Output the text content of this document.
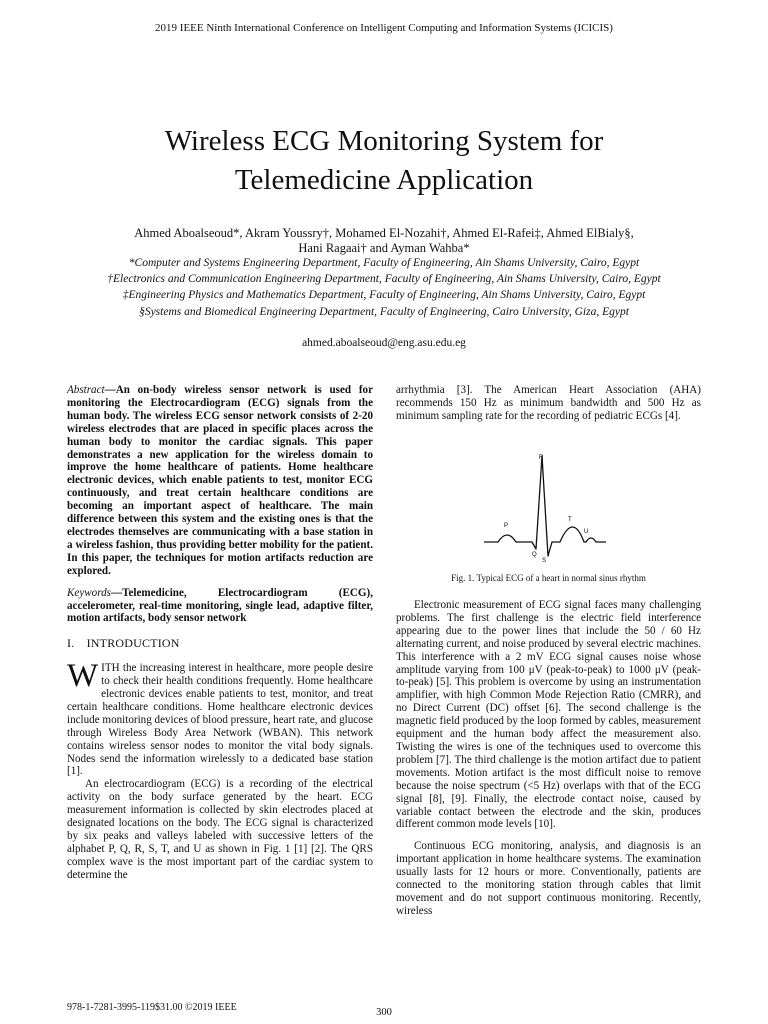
2019 IEEE Ninth International Conference on Intelligent Computing and Information Systems (ICICIS)
Wireless ECG Monitoring System for
Telemedicine Application
Ahmed Aboalseoud*, Akram Youssry†, Mohamed El-Nozahi†, Ahmed El-Rafei‡, Ahmed ElBialy§,
Hani Ragaai† and Ayman Wahba*
*Computer and Systems Engineering Department, Faculty of Engineering, Ain Shams University, Cairo, Egypt
†Electronics and Communication Engineering Department, Faculty of Engineering, Ain Shams University, Cairo, Egypt
‡Engineering Physics and Mathematics Department, Faculty of Engineering, Ain Shams University, Cairo, Egypt
§Systems and Biomedical Engineering Department, Faculty of Engineering, Cairo University, Giza, Egypt
ahmed.aboalseoud@eng.asu.edu.eg

Abstract—An on-body wireless sensor network is used for monitoring the Electrocardiogram (ECG) signals from the human body. The wireless ECG sensor network consists of 2-20 wireless electrodes that are placed in specific places across the human body to monitor the cardiac signals. This paper demonstrates a new application for the wireless domain to improve the home healthcare of patients. Home healthcare electronic devices, which enable patients to test, monitor ECG continuously, and treat certain healthcare conditions are becoming an important aspect of healthcare. The main difference between this system and the existing ones is that the electrodes themselves are communicating with a base station in a wireless fashion, thus providing better mobility for the patient. In this paper, the techniques for motion artifacts reduction are explored.

Keywords—Telemedicine, Electrocardiogram (ECG), accelerometer, real-time monitoring, single lead, adaptive filter, motion artifacts, body sensor network

I. INTRODUCTION

WITH the increasing interest in healthcare, more people desire to check their health conditions frequently. Home healthcare electronic devices enable patients to test, monitor, and treat certain healthcare conditions. Home healthcare electronic devices include monitoring devices of blood pressure, heart rate, and glucose through Wireless Body Area Network (WBAN). This network contains wireless sensor nodes to monitor the vital body signals. Nodes send the information wirelessly to a dedicated base station [1].

An electrocardiogram (ECG) is a recording of the electrical activity on the body surface generated by the heart. ECG measurement information is collected by skin electrodes placed at designated locations on the body. The ECG signal is characterized by six peaks and valleys labeled with successive letters of the alphabet P, Q, R, S, T, and U as shown in Fig. 1 [1] [2]. The QRS complex wave is the most important part of the cardiac system to determine the

arrhythmia [3]. The American Heart Association (AHA) recommends 150 Hz as minimum bandwidth and 500 Hz as minimum sampling rate for the recording of pediatric ECGs [4].

P
Q
R
S
T
U
Fig. 1. Typical ECG of a heart in normal sinus rhythm

Electronic measurement of ECG signal faces many challenging problems. The first challenge is the electric field interference appearing due to the power lines that include the 50 / 60 Hz alternating current, and noise produced by several electric machines. This interference with a 2 mV ECG signal causes noise whose amplitude varying from 100 μV (peak-to-peak) to 1000 μV (peak-to-peak) [5]. This problem is overcome by using an instrumentation amplifier, with high Common Mode Rejection Ratio (CMRR), and no Direct Current (DC) offset [6]. The second challenge is the magnetic field produced by the loop formed by cables, measurement equipment and the human body affect the measurement also. Twisting the wires is one of the techniques used to overcome this problem [7]. The third challenge is the motion artifact due to patient movements. Motion artifact is the most difficult noise to remove because the noise spectrum (<5 Hz) overlaps with that of the ECG signal [8], [9]. Finally, the electrode contact noise, caused by variable contact between the electrode and the skin, produces different common mode levels [10].

Continuous ECG monitoring, analysis, and diagnosis is an important application in home healthcare systems. The examination usually lasts for 12 hours or more. Conventionally, patients are connected to the monitoring station through cables that limit movement and do not support continuous monitoring. Recently, wireless

978-1-7281-3995-119$31.00 ©2019 IEEE	300
